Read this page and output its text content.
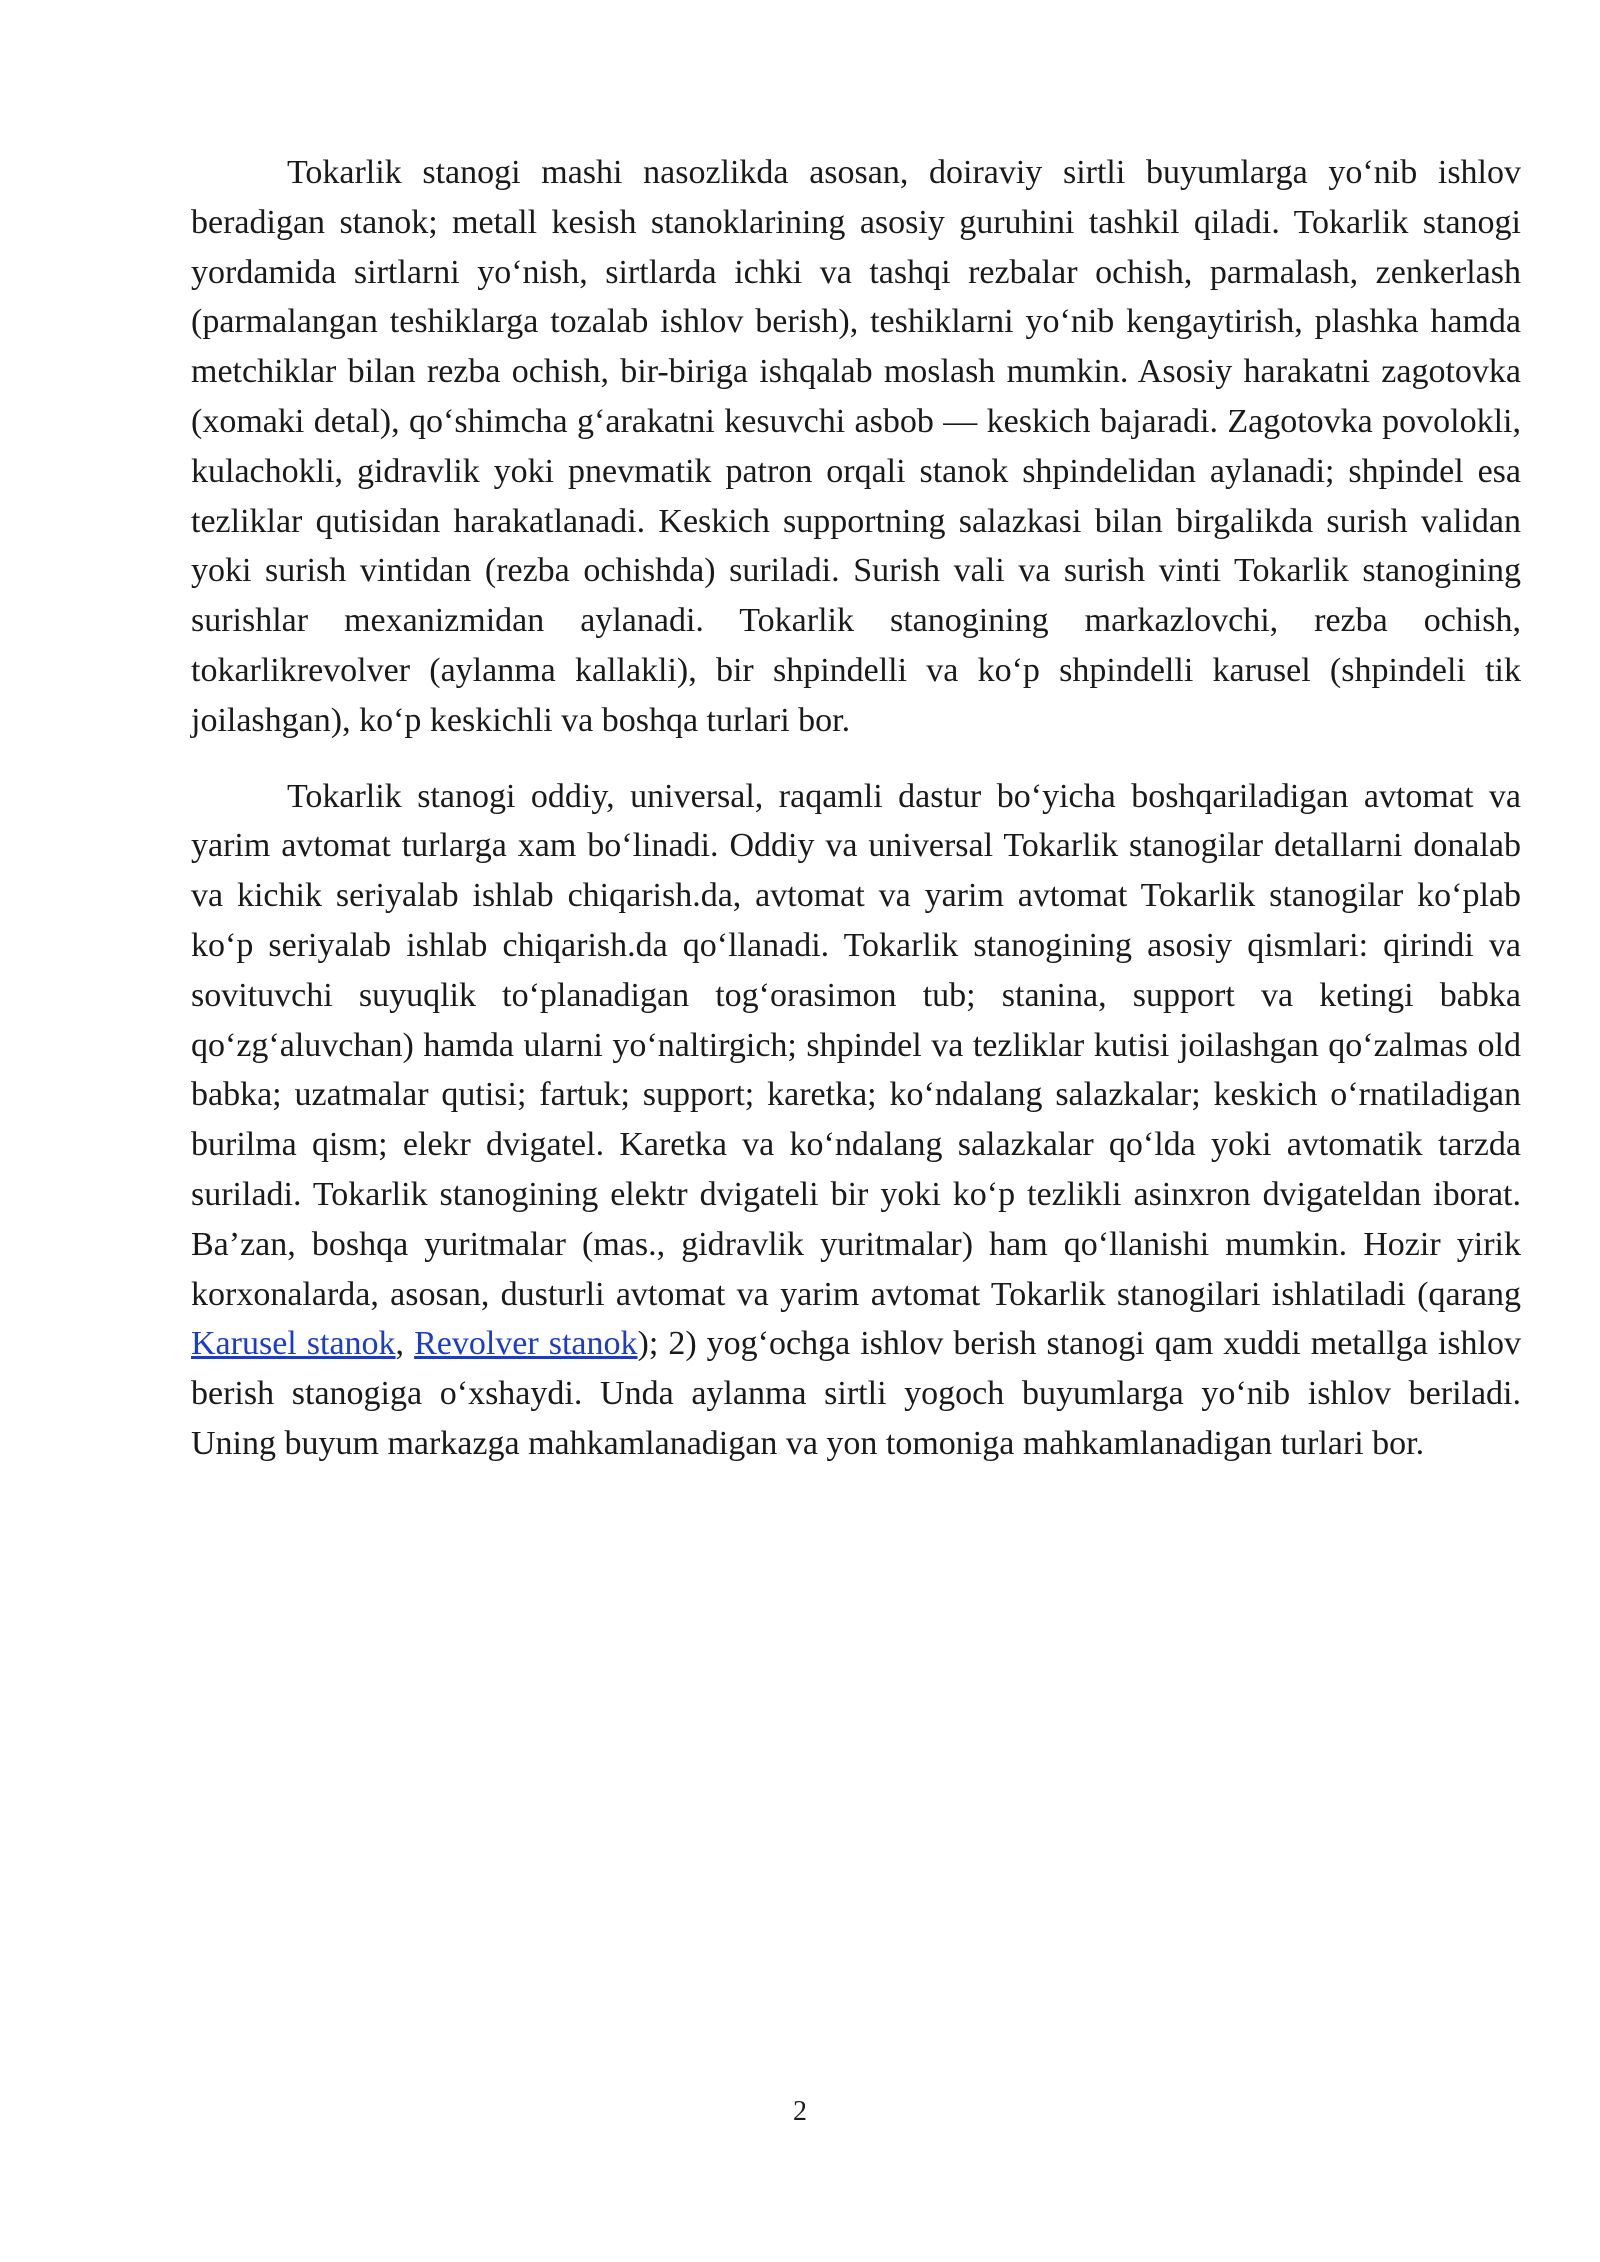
Tokarlik stanogi mashi nasozlikda asosan, doiraviy sirtli buyumlarga yo‘nib ishlov beradigan stanok; metall kesish stanoklarining asosiy guruhini tashkil qiladi. Tokarlik stanogi yordamida sirtlarni yo‘nish, sirtlarda ichki va tashqi rezbalar ochish, parmalash, zenkerlash (parmalangan teshiklarga tozalab ishlov berish), teshiklarni yo‘nib kengaytirish, plashka hamda metchiklar bilan rezba ochish, bir-biriga ishqalab moslash mumkin. Asosiy harakatni zagotovka (xomaki detal), qo‘shimcha g‘arakatni kesuvchi asbob — keskich bajaradi. Zagotovka povolokli, kulachokli, gidravlik yoki pnevmatik patron orqali stanok shpindelidan aylanadi; shpindel esa tezliklar qutisidan harakatlanadi. Keskich supportning salazkasi bilan birgalikda surish validan yoki surish vintidan (rezba ochishda) suriladi. Surish vali va surish vinti Tokarlik stanogining surishlar mexanizmidan aylanadi. Tokarlik stanogining markazlovchi, rezba ochish, tokarlikrevolver (aylanma kallakli), bir shpindelli va ko‘p shpindelli karusel (shpindeli tik joilashgan), ko‘p keskichli va boshqa turlari bor.

Tokarlik stanogi oddiy, universal, raqamli dastur bo‘yicha boshqariladigan avtomat va yarim avtomat turlarga xam bo‘linadi. Oddiy va universal Tokarlik stanogilar detallarni donalab va kichik seriyalab ishlab chiqarish.da, avtomat va yarim avtomat Tokarlik stanogilar ko‘plab ko‘p seriyalab ishlab chiqarish.da qo‘llanadi. Tokarlik stanogining asosiy qismlari: qirindi va sovituvchi suyuqlik to‘planadigan tog‘orasimon tub; stanina, support va ketingi babka qo‘zg‘aluvchan) hamda ularni yo‘naltirgich; shpindel va tezliklar kutisi joilashgan qo‘zalmas old babka; uzatmalar qutisi; fartuk; support; karetka; ko‘ndalang salazkalar; keskich o‘rnatiladigan burilma qism; elekr dvigatel. Karetka va ko‘ndalang salazkalar qo‘lda yoki avtomatik tarzda suriladi. Tokarlik stanogining elektr dvigateli bir yoki ko‘p tezlikli asinxron dvigateldan iborat. Ba’zan, boshqa yuritmalar (mas., gidravlik yuritmalar) ham qo‘llanishi mumkin. Hozir yirik korxonalarda, asosan, dusturli avtomat va yarim avtomat Tokarlik stanogilari ishlatiladi (qarang Karusel stanok, Revolver stanok); 2) yog‘ochga ishlov berish stanogi qam xuddi metallga ishlov berish stanogiga o‘xshaydi. Unda aylanma sirtli yogoch buyumlarga yo‘nib ishlov beriladi. Uning buyum markazga mahkamlanadigan va yon tomoniga mahkamlanadigan turlari bor.

2
